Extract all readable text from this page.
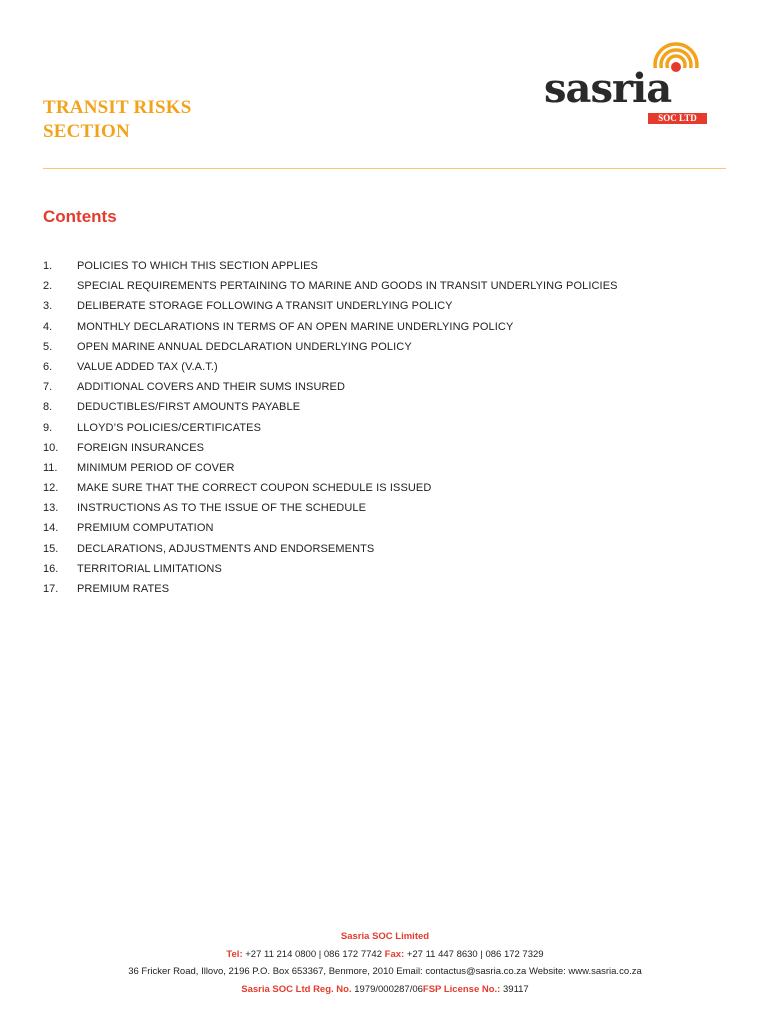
TRANSIT RISKS
SECTION
sasria
SOC LTD
Contents
1.	POLICIES TO WHICH THIS SECTION APPLIES
2.	SPECIAL REQUIREMENTS PERTAINING TO MARINE AND GOODS IN TRANSIT UNDERLYING POLICIES
3.	DELIBERATE STORAGE FOLLOWING A TRANSIT UNDERLYING POLICY
4.	MONTHLY DECLARATIONS IN TERMS OF AN OPEN MARINE UNDERLYING POLICY
5.	OPEN MARINE ANNUAL DEDCLARATION UNDERLYING POLICY
6.	VALUE ADDED TAX (V.A.T.)
7.	ADDITIONAL COVERS AND THEIR SUMS INSURED
8.	DEDUCTIBLES/FIRST AMOUNTS PAYABLE
9.	LLOYD’S POLICIES/CERTIFICATES
10.	FOREIGN INSURANCES
11.	MINIMUM PERIOD OF COVER
12.	MAKE SURE THAT THE CORRECT COUPON SCHEDULE IS ISSUED
13.	INSTRUCTIONS AS TO THE ISSUE OF THE SCHEDULE
14.	PREMIUM COMPUTATION
15.	DECLARATIONS, ADJUSTMENTS AND ENDORSEMENTS
16.	TERRITORIAL LIMITATIONS
17.	PREMIUM RATES
Sasria SOC Limited
Tel: +27 11 214 0800 | 086 172 7742 Fax: +27 11 447 8630 | 086 172 7329
36 Fricker Road, Illovo, 2196 P.O. Box 653367, Benmore, 2010 Email: contactus@sasria.co.za Website: www.sasria.co.za
Sasria SOC Ltd Reg. No. 1979/000287/06FSP License No.: 39117
